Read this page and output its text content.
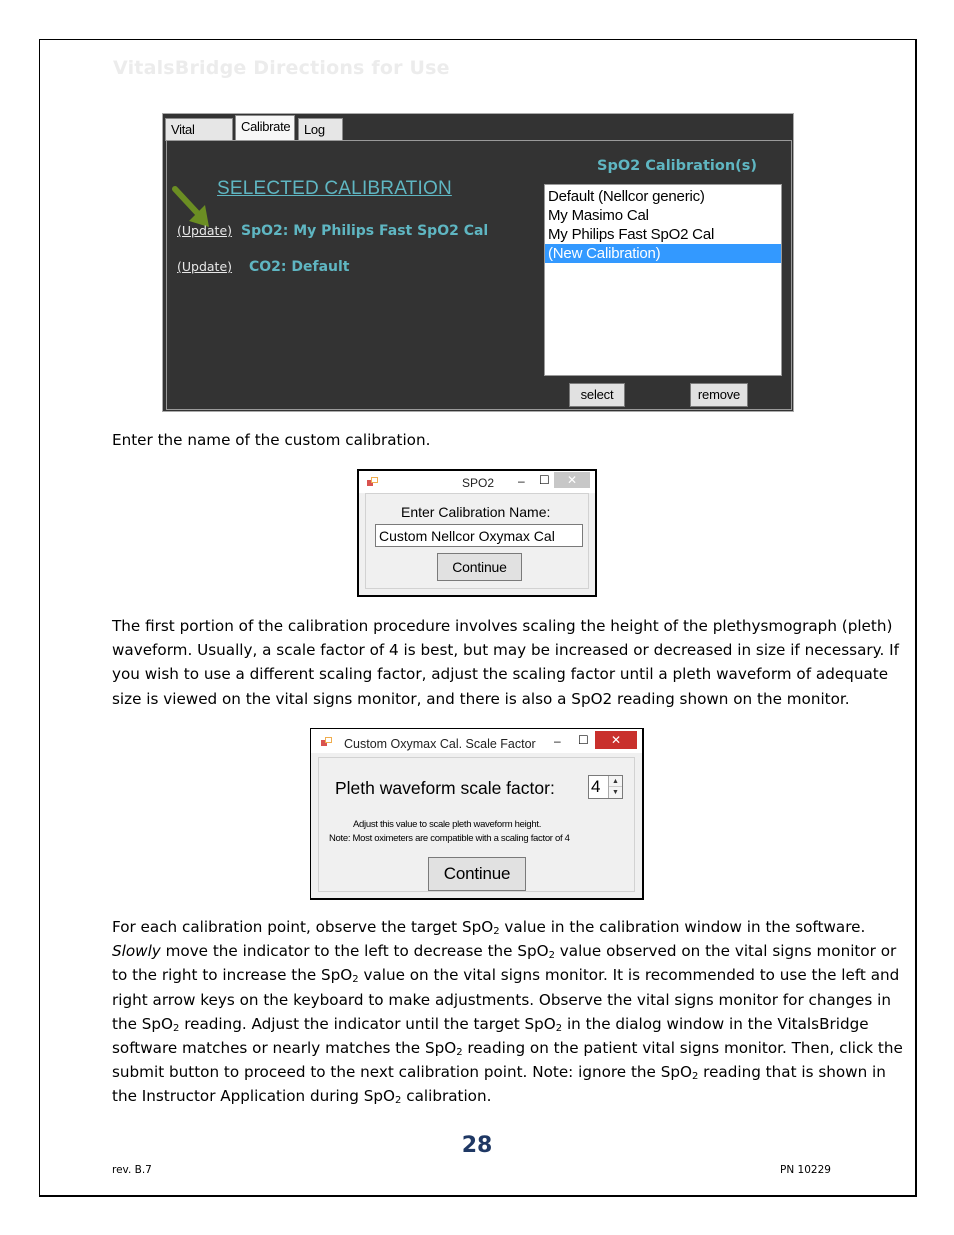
VitalsBridge Directions for Use
Vital	Calibrate	Log
SELECTED CALIBRATION
(Update) SpO2: My Philips Fast SpO2 Cal
(Update) CO2: Default
SpO2 Calibration(s)
Default (Nellcor generic)
My Masimo Cal
My Philips Fast SpO2 Cal
(New Calibration)
select	remove
Enter the name of the custom calibration.
SPO2 – ☐	✕
Enter Calibration Name:
Custom Nellcor Oxymax Cal
Continue
The first portion of the calibration procedure involves scaling the height of the plethysmograph (pleth)
waveform. Usually, a scale factor of 4 is best, but may be increased or decreased in size if necessary. If
you wish to use a different scaling factor, adjust the scaling factor until a pleth waveform of adequate
size is viewed on the vital signs monitor, and there is also a SpO2 reading shown on the monitor.
Custom Oxymax Cal. Scale Factor – ☐	✕
Pleth waveform scale factor: 4	▲
▼
Adjust this value to scale pleth waveform height.
Note: Most oximeters are compatible with a scaling factor of 4
Continue
For each calibration point, observe the target SpO$_2$ value in the calibration window in the software.
Slowly move the indicator to the left to decrease the SpO$_2$ value observed on the vital signs monitor or
to the right to increase the SpO$_2$ value on the vital signs monitor. It is recommended to use the left and
right arrow keys on the keyboard to make adjustments. Observe the vital signs monitor for changes in
the SpO$_2$ reading. Adjust the indicator until the target SpO$_2$ in the dialog window in the VitalsBridge
software matches or nearly matches the SpO$_2$ reading on the patient vital signs monitor. Then, click the
submit button to proceed to the next calibration point. Note: ignore the SpO$_2$ reading that is shown in
the Instructor Application during SpO$_2$ calibration.
28
rev. B.7	PN 10229
